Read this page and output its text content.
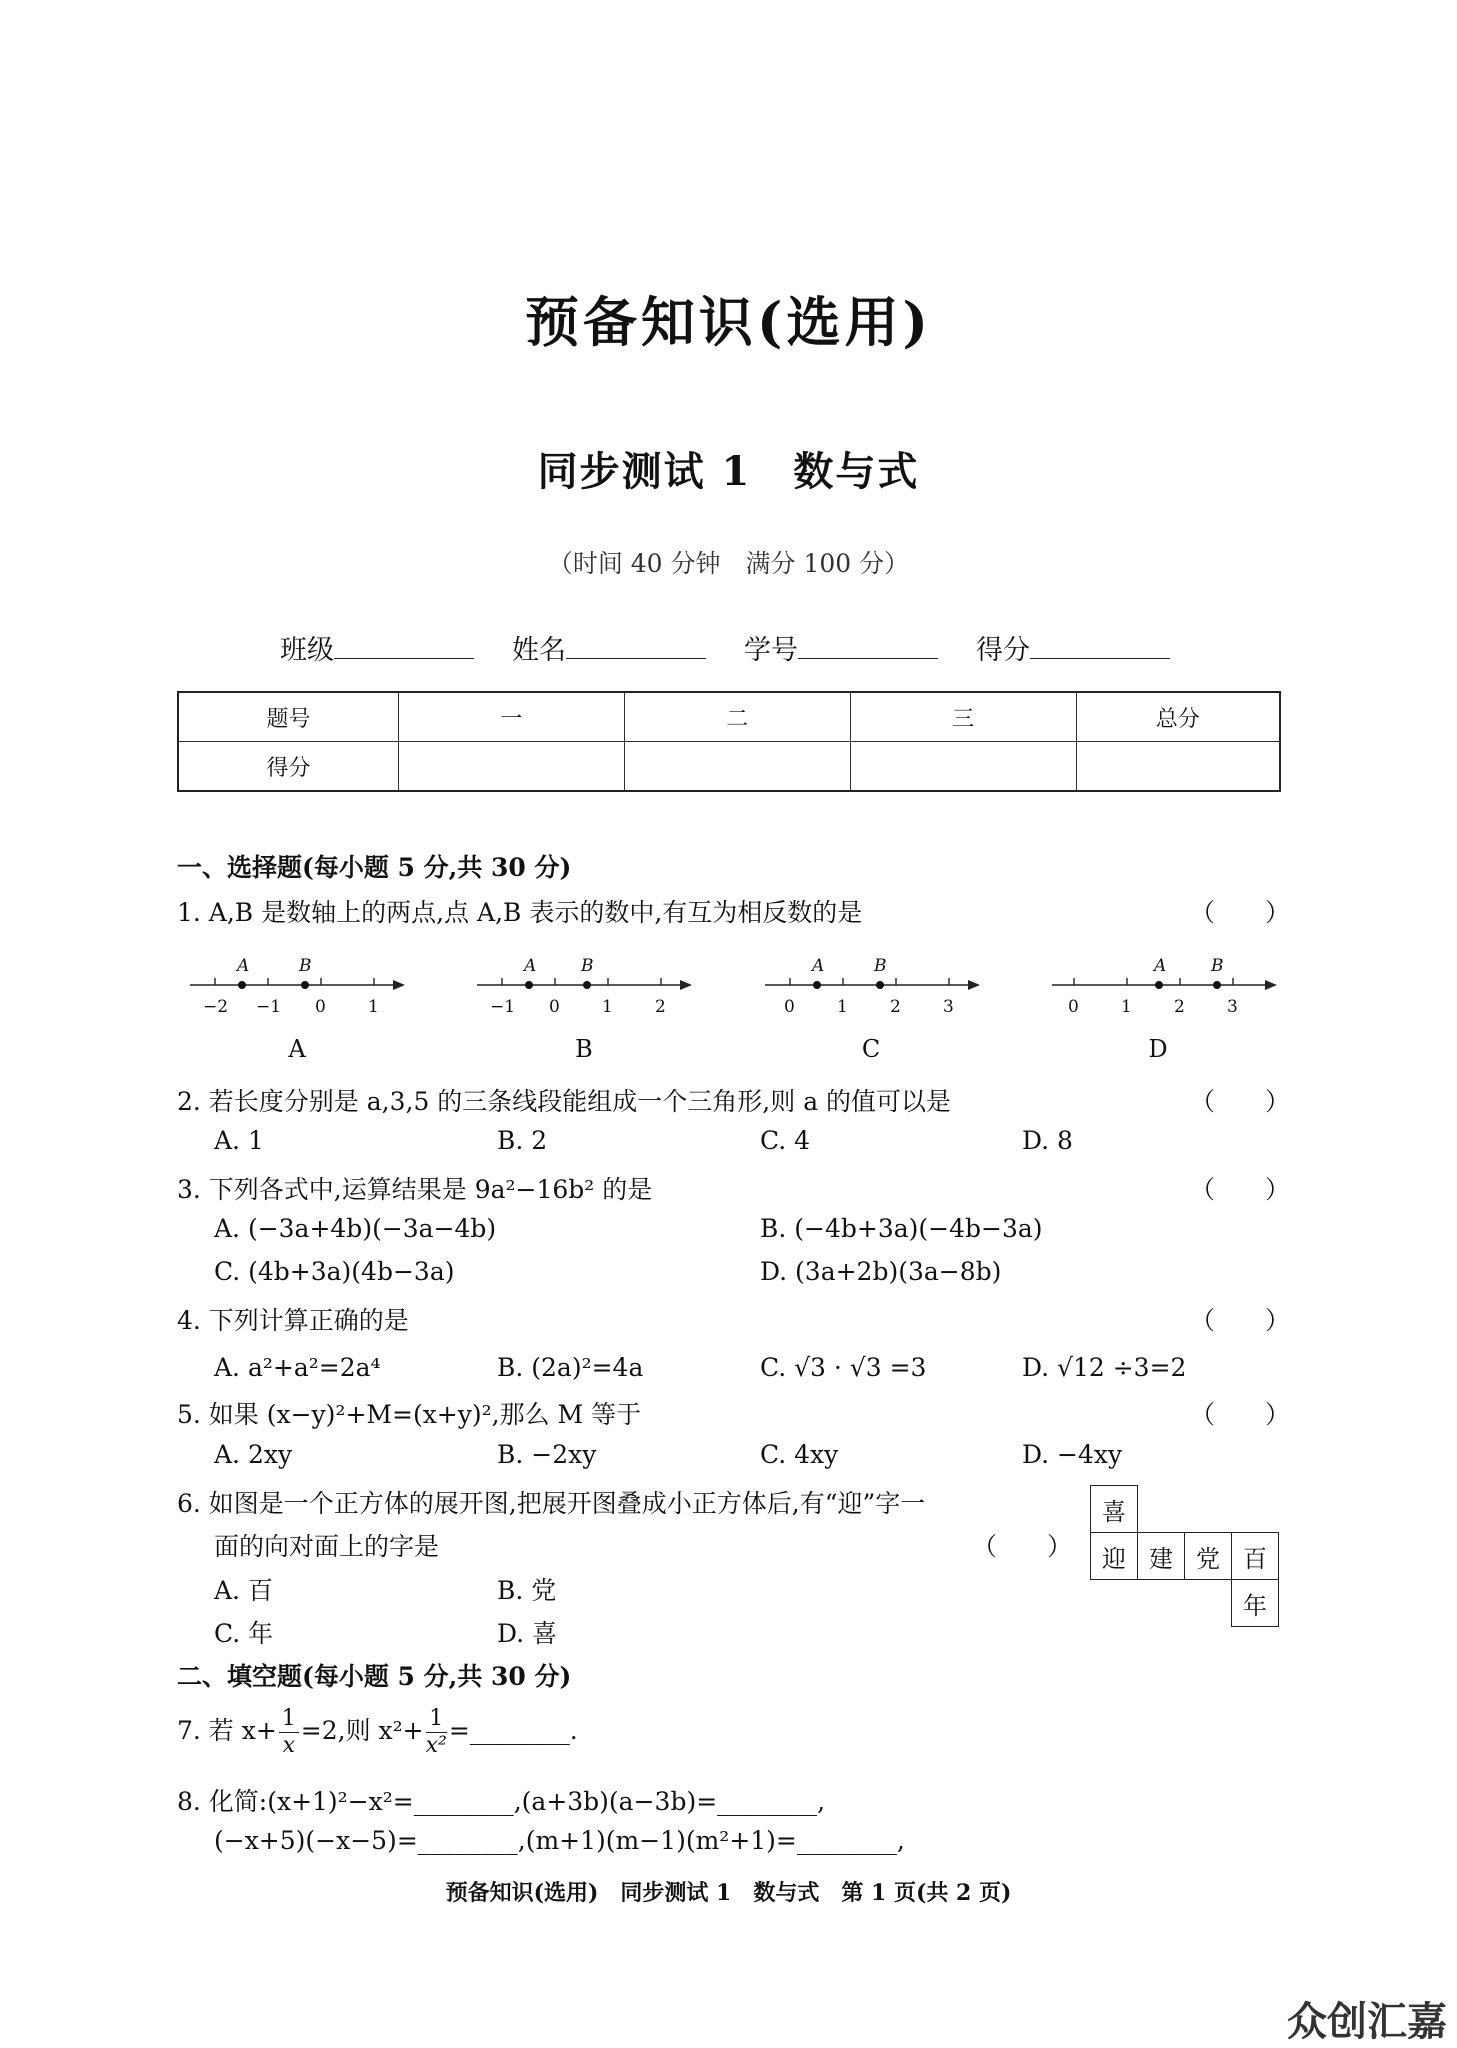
预备知识(选用)
同步测试 1　数与式
（时间 40 分钟　满分 100 分）
班级	姓名	学号	得分
题号	一	二	三	总分
得分				
一、选择题(每小题 5 分,共 30 分)
1. A,B 是数轴上的两点,点 A,B 表示的数中,有互为相反数的是	（　　）
A	B
−2 −1 0 1
A	B
−1 0 1 2
A	B
0 1 2 3
A	B
0 1 2 3
A	B	C	D
2. 若长度分别是 a,3,5 的三条线段能组成一个三角形,则 a 的值可以是	（　　）
A. 1	B. 2	C. 4	D. 8
3. 下列各式中,运算结果是 9a²−16b² 的是	（　　）
A. (−3a+4b)(−3a−4b)	B. (−4b+3a)(−4b−3a)
C. (4b+3a)(4b−3a)	D. (3a+2b)(3a−8b)
4. 下列计算正确的是	（　　）
A. a²+a²=2a⁴	B. (2a)²=4a	C. √3 · √3 =3	D. √12 ÷3=2
5. 如果 (x−y)²+M=(x+y)²,那么 M 等于	（　　）
A. 2xy	B. −2xy	C. 4xy	D. −4xy
6. 如图是一个正方体的展开图,把展开图叠成小正方体后,有“迎”字一
面的向对面上的字是	（　　）
A. 百	B. 党
C. 年	D. 喜
喜			
迎	建	党	百
			年
二、填空题(每小题 5 分,共 30 分)
7. 若 $x+ \frac{1}{x} =2$,则 $x^2+ \frac{1}{\text{x²}}$ =________.
8. 化简:(x+1)²−x²=________,(a+3b)(a−3b)=________,
(−x+5)(−x−5)=________,(m+1)(m−1)(m²+1)=________,
预备知识(选用)　同步测试 1　数与式　第 1 页(共 2 页)
众创汇嘉
